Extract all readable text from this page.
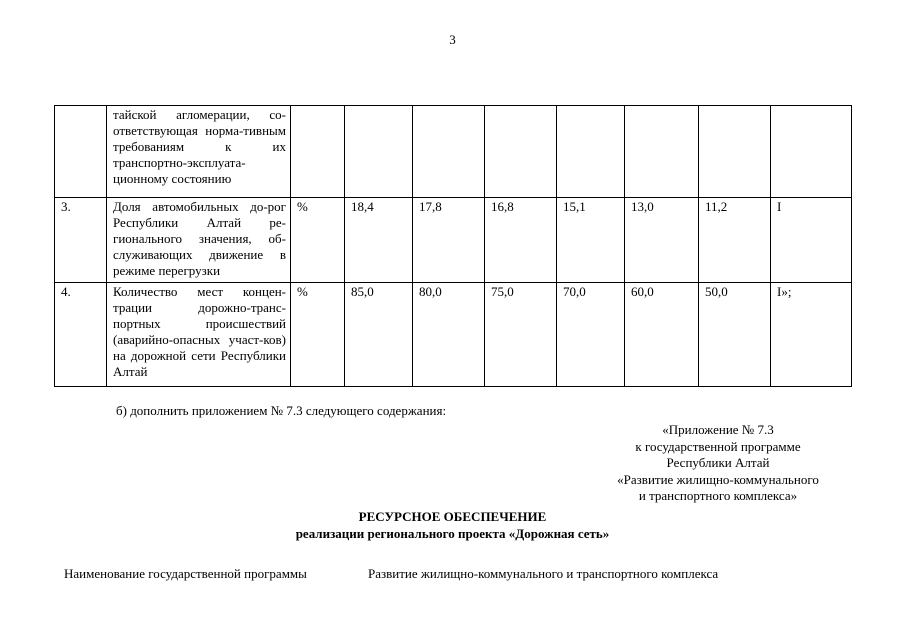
3
	тайской агломерации, со-ответствующая норма-тивным требованиям к их транспортно-эксплуата-ционному состоянию								
3.	Доля автомобильных до-рог Республики Алтай ре-гионального значения, об-служивающих движение в режиме перегрузки	%	18,4	17,8	16,8	15,1	13,0	11,2	I
4.	Количество мест концен-трации дорожно-транс-портных происшествий (аварийно-опасных участ-ков) на дорожной сети Республики Алтай	%	85,0	80,0	75,0	70,0	60,0	50,0	I»;
б) дополнить приложением № 7.3 следующего содержания:
«Приложение № 7.3
к государственной программе
Республики Алтай
«Развитие жилищно-коммунального
и транспортного комплекса»
РЕСУРСНОЕ ОБЕСПЕЧЕНИЕ
реализации регионального проекта «Дорожная сеть»
Наименование государственной программы	Развитие жилищно-коммунального и транспортного комплекса
